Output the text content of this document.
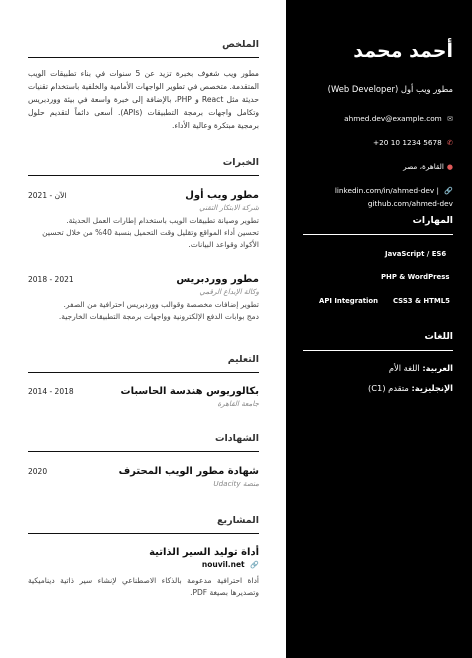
الملخص
مطور ويب شغوف بخبرة تزيد عن 5 سنوات في بناء تطبيقات الويب المتقدمة. متخصص في تطوير الواجهات الأمامية والخلفية باستخدام تقنيات حديثة مثل React و PHP، بالإضافة إلى خبرة واسعة في بيئة ووردبريس وتكامل واجهات برمجة التطبيقات (APIs). أسعى دائماً لتقديم حلول برمجية مبتكرة وعالية الأداء.
الخبرات
مطور ويب أول
2021 - الآن
شركة الابتكار التقني
تطوير وصيانة تطبيقات الويب باستخدام إطارات العمل الحديثة.
تحسين أداء المواقع وتقليل وقت التحميل بنسبة 40% من خلال تحسين الأكواد وقواعد البيانات.
مطور ووردبريس
2018 - 2021
وكالة الإبداع الرقمي
تطوير إضافات مخصصة وقوالب ووردبريس احترافية من الصفر.
دمج بوابات الدفع الإلكترونية وواجهات برمجة التطبيقات الخارجية.
التعليم
بكالوريوس هندسة الحاسبات
2014 - 2018
جامعة القاهرة
الشهادات
شهادة مطور الويب المحترف
2020
منصة Udacity
المشاريع
أداة توليد السير الذاتية
nouvil.net 🔗
أداة احترافية مدعومة بالذكاء الاصطناعي لإنشاء سير ذاتية ديناميكية وتصديرها بصيغة PDF.
أحمد محمد
مطور ويب أول (Web Developer)
ahmed.dev@example.com ✉
+20 10 1234 5678 ✆
●القاهرة، مصر
linkedin.com/in/ahmed-dev | 🔗
github.com/ahmed-dev
المهارات
JavaScript / ES6
PHP & WordPress
CSS3 & HTML5
API Integration
اللغات
العربية: اللغة الأم
الإنجليزية: متقدم (C1)
